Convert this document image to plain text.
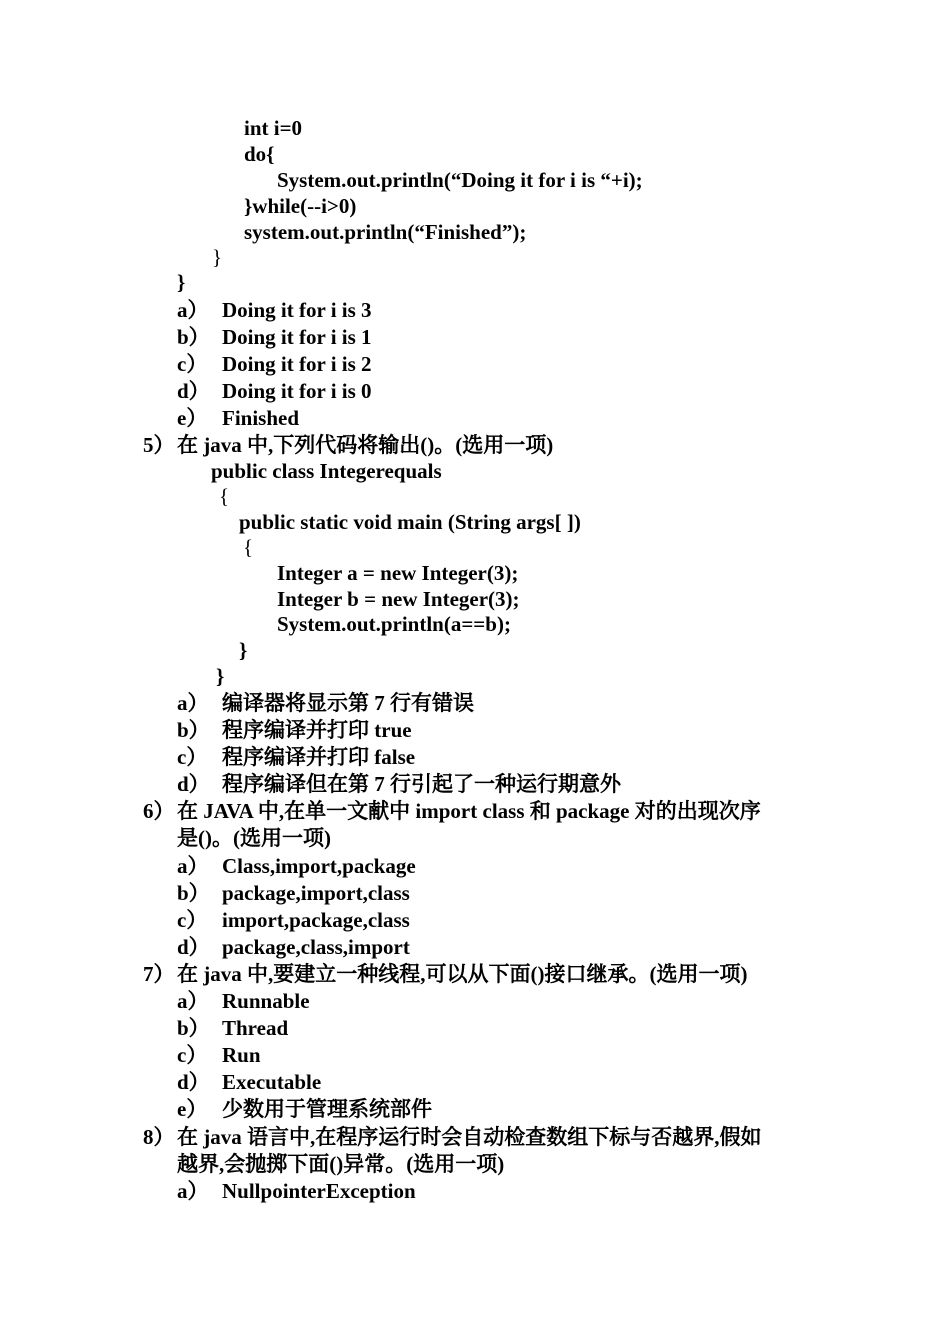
int i=0
do{
System.out.println(“Doing it for i is “+i);
}while(--i>0)
system.out.println(“Finished”);
}
}
a） Doing it for i is 3
b） Doing it for i is 1
c） Doing it for i is 2
d） Doing it for i is 0
e） Finished
5） 在 java 中,下列代码将输出()。(选用一项)
public class Integerequals
{
public static void main (String args[ ])
{
Integer a = new Integer(3);
Integer b = new Integer(3);
System.out.println(a==b);
}
}
a） 编译器将显示第 7 行有错误
b） 程序编译并打印 true
c） 程序编译并打印 false
d） 程序编译但在第 7 行引起了一种运行期意外
6） 在 JAVA 中,在单一文献中 import class 和 package 对的出现次序
是()。(选用一项)
a） Class,import,package
b） package,import,class
c） import,package,class
d） package,class,import
7） 在 java 中,要建立一种线程,可以从下面()接口继承。(选用一项)
a） Runnable
b） Thread
c） Run
d） Executable
e） 少数用于管理系统部件
8） 在 java 语言中,在程序运行时会自动检查数组下标与否越界,假如
越界,会抛掷下面()异常。(选用一项)
a） NullpointerException
